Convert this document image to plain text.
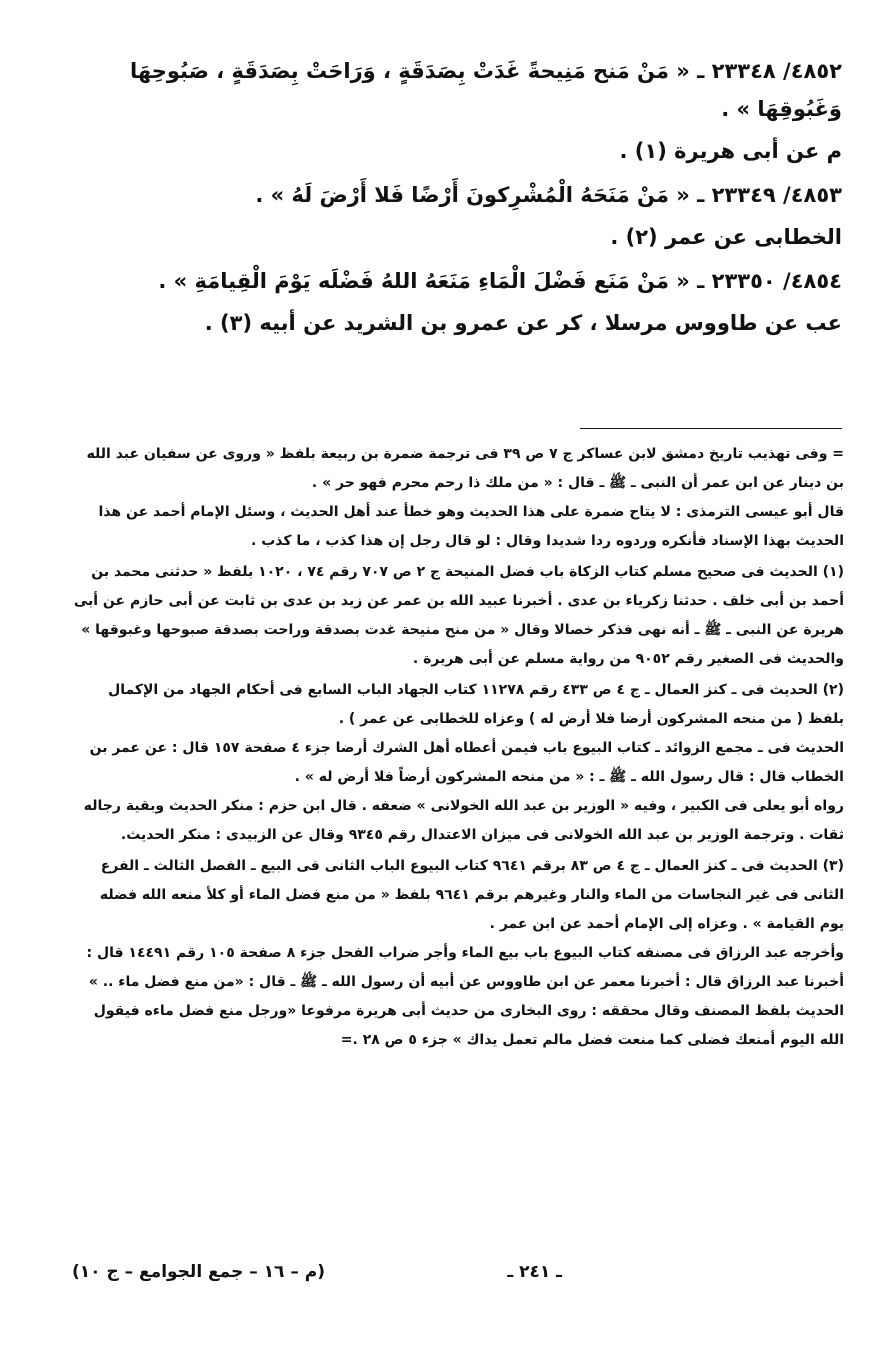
٤٨٥٢/ ٢٣٣٤٨ ـ « مَنْ مَنح مَنِيحةً غَدَتْ بِصَدَقَةٍ ، وَرَاحَتْ بِصَدَقَةٍ ، صَبُوحِهَا وَغَبُوقِهَا » .

م عن أبى هريرة (١) .

٤٨٥٣/ ٢٣٣٤٩ ـ « مَنْ مَنَحَهُ الْمُشْرِكونَ أَرْضًا فَلا أَرْضَ لَهُ » .

الخطابى عن عمر (٢) .

٤٨٥٤/ ٢٣٣٥٠ ـ « مَنْ مَنَع فَضْلَ الْمَاءِ مَنَعَهُ اللهُ فَضْلَه يَوْمَ الْقِيامَةِ » .

عب عن طاووس مرسلا ، كر عن عمرو بن الشريد عن أبيه (٣) .

= وفى تهذيب تاريخ دمشق لابن عساكر ج ٧ ص ٣٩ فى ترجمة ضمرة بن ربيعة بلفظ « وروى عن سفيان عبد الله بن دينار عن ابن عمر أن النبى ـ ﷺ ـ قال : « من ملك ذا رحم محرم فهو حر » .

قال أبو عيسى الترمذى : لا يتاح ضمرة على هذا الحديث وهو خطأ عند أهل الحديث ، وسئل الإمام أحمد عن هذا الحديث بهذا الإسناد فأنكره وردوه ردا شديدا وقال : لو قال رجل إن هذا كذب ، ما كذب .

(١) الحديث فى صحيح مسلم كتاب الزكاة باب فضل المنيحة ج ٢ ص ٧٠٧ رقم ٧٤ ، ١٠٢٠ بلفظ « حدثنى محمد بن أحمد بن أبى خلف . حدثنا زكرياء بن عدى . أخبرنا عبيد الله بن عمر عن زيد بن عدى بن ثابت عن أبى حازم عن أبى هريرة عن النبى ـ ﷺ ـ أنه نهى فذكر خصالا وقال « من منح منيحة غدت بصدقة وراحت بصدقة صبوحها وغبوقها » والحديث فى الصغير رقم ٩٠٥٢ من رواية مسلم عن أبى هريرة .

(٢) الحديث فى ـ كنز العمال ـ ج ٤ ص ٤٣٣ رقم ١١٢٧٨ كتاب الجهاد الباب السابع فى أحكام الجهاد من الإكمال بلفظ ( من منحه المشركون أرضا فلا أرض له ) وعزاه للخطابى عن عمر ) .

الحديث فى ـ مجمع الزوائد ـ كتاب البيوع باب فيمن أعطاه أهل الشرك أرضا جزء ٤ صفحة ١٥٧ قال : عن عمر بن الخطاب قال : قال رسول الله ـ ﷺ ـ : « من منحه المشركون أرضاً فلا أرض له » .

رواه أبو يعلى فى الكبير ، وفيه « الوزير بن عبد الله الخولانى » ضعفه . قال ابن حزم : منكر الحديث وبقية رجاله ثقات . وترجمة الوزير بن عبد الله الخولانى فى ميزان الاعتدال رقم ٩٣٤٥ وقال عن الزبيدى : منكر الحديث.

(٣) الحديث فى ـ كنز العمال ـ ج ٤ ص ٨٣ برقم ٩٦٤١ كتاب البيوع الباب الثانى فى البيع ـ الفصل الثالث ـ الفرع الثانى فى غير النجاسات من الماء والنار وغيرهم برقم ٩٦٤١ بلفظ « من منع فضل الماء أو كلأ منعه الله فضله يوم القيامة » . وعزاه إلى الإمام أحمد عن ابن عمر .

وأخرجه عبد الرزاق فى مصنفه كتاب البيوع باب بيع الماء وأجر ضراب الفحل جزء ٨ صفحة ١٠٥ رقم ١٤٤٩١ قال : أخبرنا عبد الرزاق قال : أخبرنا معمر عن ابن طاووس عن أبيه أن رسول الله ـ ﷺ ـ قال : «من منع فضل ماء .. » الحديث بلفظ المصنف وقال محققه : روى البخارى من حديث أبى هريرة مرفوعا «ورجل منع فضل ماءه فيقول الله اليوم أمنعك فضلى كما منعت فضل مالم تعمل يداك » جزء ٥ ص ٢٨ .=

ـ ٢٤١ ـ
(م – ١٦ – جمع الجوامع – ج ١٠)
